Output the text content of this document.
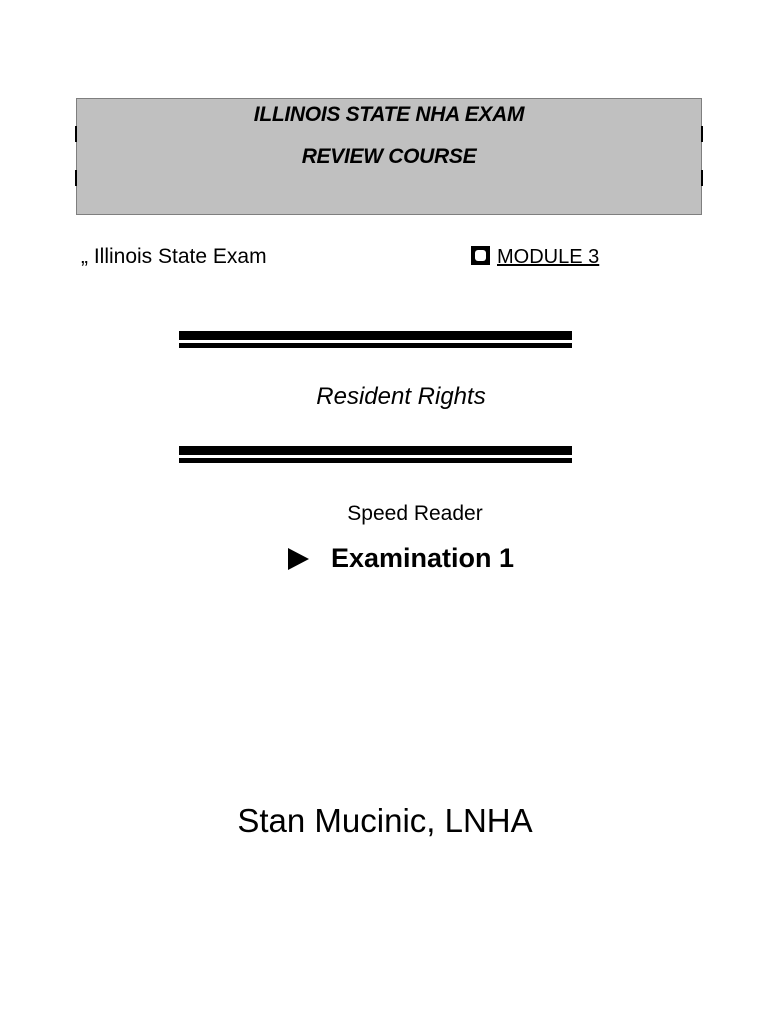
ILLINOIS STATE NHA EXAM
REVIEW COURSE
„ Illinois State Exam	MODULE 3
Resident Rights
Speed Reader
Examination 1
Stan Mucinic, LNHA
